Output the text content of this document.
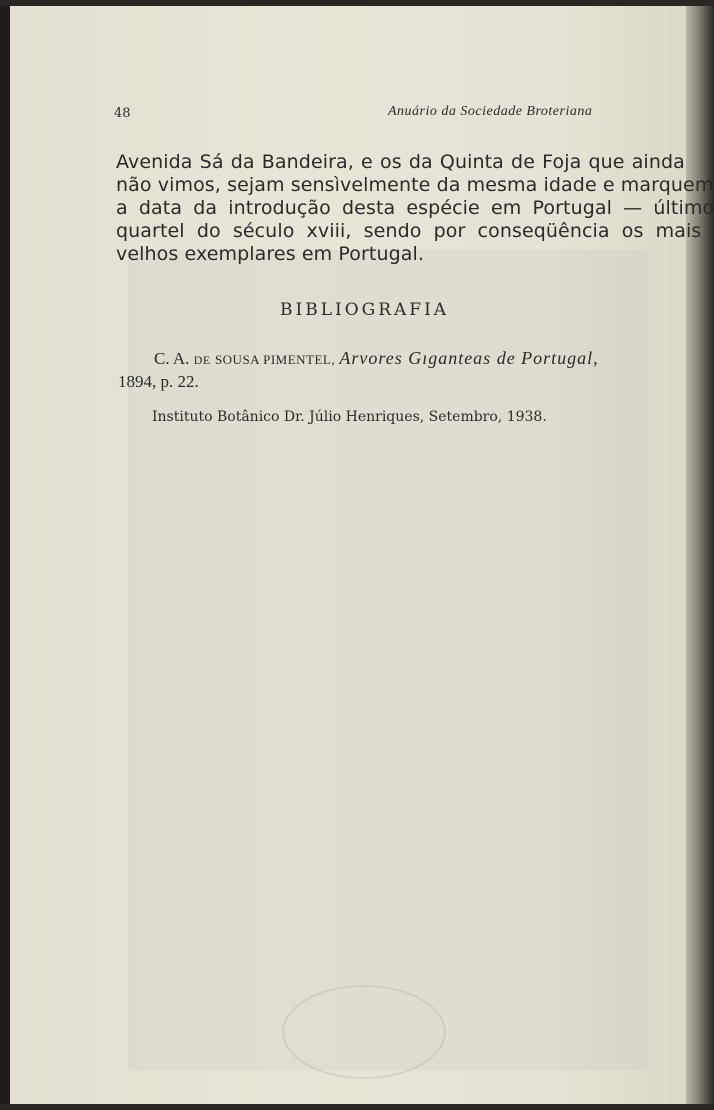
48	Anuário da Sociedade Broteriana
Avenida Sá da Bandeira, e os da Quinta de Foja que ainda
não vimos, sejam sensìvelmente da mesma idade e marquem
a data da introdução desta espécie em Portugal — último
quartel do século xviii, sendo por conseqüência os mais
velhos exemplares em Portugal.
BIBLIOGRAFIA
C. A. DE SOUSA PIMENTEL, Arvores Gıganteas de Portugal,
1894, p. 22.
Instituto Botânico Dr. Júlio Henriques, Setembro, 1938.
